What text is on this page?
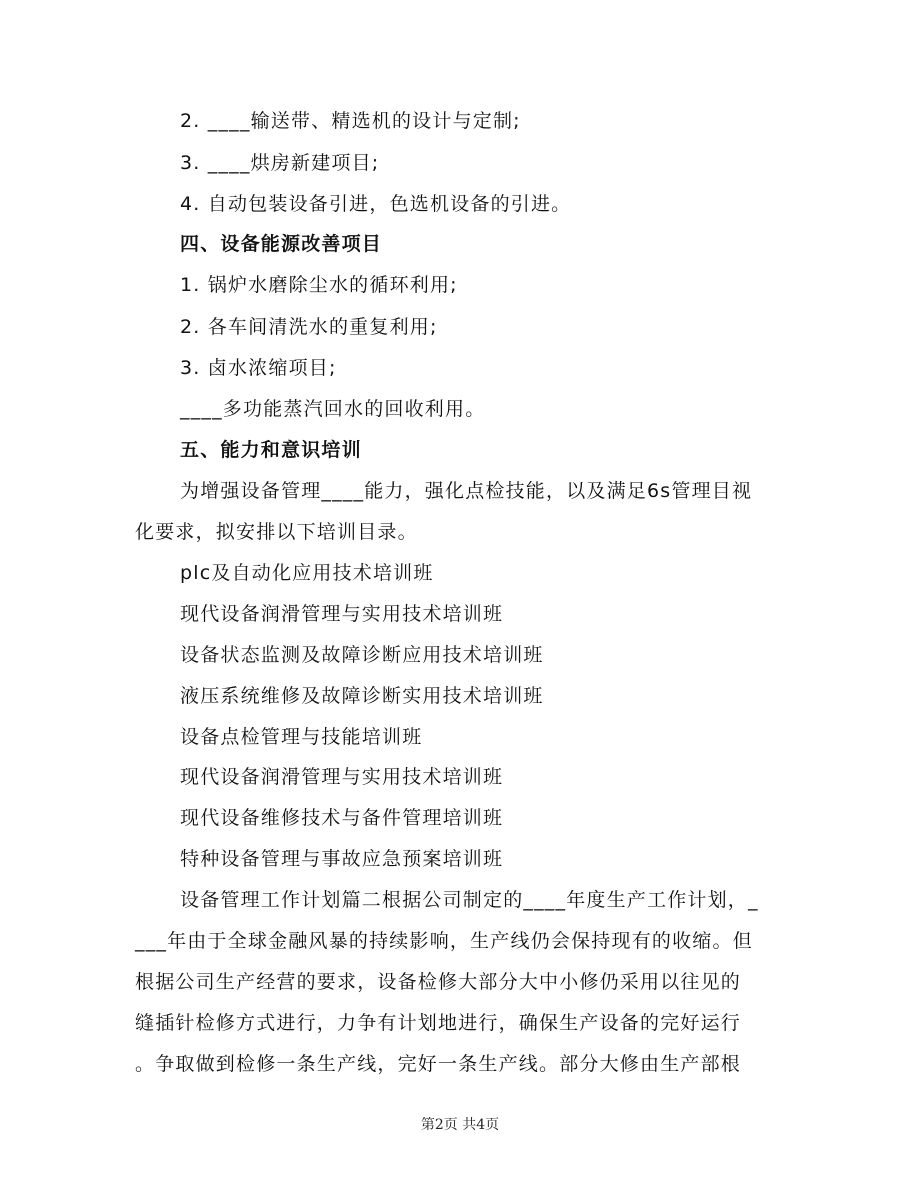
2. ____输送带、精选机的设计与定制;
3. ____烘房新建项目;
4. 自动包装设备引进，色选机设备的引进。
四、设备能源改善项目
1. 锅炉水磨除尘水的循环利用;
2. 各车间清洗水的重复利用;
3. 卤水浓缩项目;
____多功能蒸汽回水的回收利用。
五、能力和意识培训
为增强设备管理____能力，强化点检技能，以及满足6s管理目视
化要求，拟安排以下培训目录。
plc及自动化应用技术培训班
现代设备润滑管理与实用技术培训班
设备状态监测及故障诊断应用技术培训班
液压系统维修及故障诊断实用技术培训班
设备点检管理与技能培训班
现代设备润滑管理与实用技术培训班
现代设备维修技术与备件管理培训班
特种设备管理与事故应急预案培训班
设备管理工作计划篇二根据公司制定的____年度生产工作计划，_
___年由于全球金融风暴的持续影响，生产线仍会保持现有的收缩。但
根据公司生产经营的要求，设备检修大部分大中小修仍采用以往见的
缝插针检修方式进行，力争有计划地进行，确保生产设备的完好运行
。争取做到检修一条生产线，完好一条生产线。部分大修由生产部根
第2页 共4页
